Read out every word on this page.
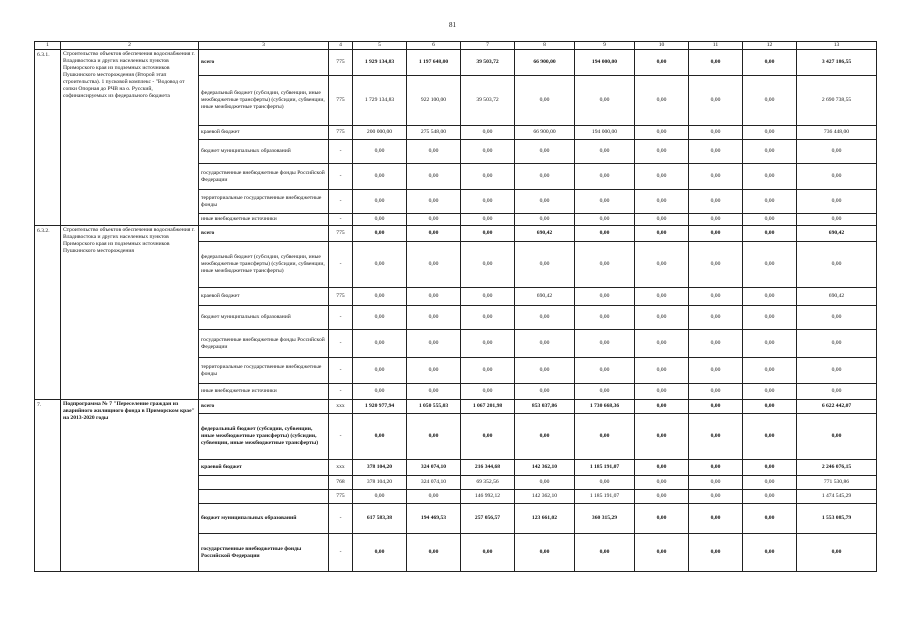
81
1	2	3	4	5	6	7	8	9	10	11	12	13
6.3.1.	Строительство объектов обеспечения водоснабжения г. Владивостока и других населенных пунктов Приморского края из подземных источников Пушкинского месторождения (Второй этап строительства). 1 пусковой комплекс - "Водовод от сопки Опорная до РЧВ на о. Русский, софинансируемых из федерального бюджета	всего	775	1 929 134,83	1 197 648,00	39 503,72	66 900,00	194 000,00	0,00	0,00	0,00	3 427 186,55
		федеральный бюджет (субсидии, субвенции, иные межбюджетные трансферты) (субсидии, субвенции, иные межбюджетные трансферты)	775	1 729 134,83	922 100,00	39 503,72	0,00	0,00	0,00	0,00	0,00	2 690 738,55
		краевой бюджет	775	200 000,00	275 548,00	0,00	66 900,00	194 000,00	0,00	0,00	0,00	736 448,00
		бюджет муниципальных образований	-	0,00	0,00	0,00	0,00	0,00	0,00	0,00	0,00	0,00
		государственные внебюджетные фонды Российской Федерации	-	0,00	0,00	0,00	0,00	0,00	0,00	0,00	0,00	0,00
		территориальные государственные внебюджетные фонды	-	0,00	0,00	0,00	0,00	0,00	0,00	0,00	0,00	0,00
		иные внебюджетные источники	-	0,00	0,00	0,00	0,00	0,00	0,00	0,00	0,00	0,00
6.3.2.	Строительство объектов обеспечения водоснабжения г. Владивостока и других населенных пунктов Приморского края из подземных источников Пушкинского месторождения	всего	775	0,00	0,00	0,00	690,42	0,00	0,00	0,00	0,00	690,42
		федеральный бюджет (субсидии, субвенции, иные межбюджетные трансферты) (субсидии, субвенции, иные межбюджетные трансферты)	-	0,00	0,00	0,00	0,00	0,00	0,00	0,00	0,00	0,00
		краевой бюджет	775	0,00	0,00	0,00	690,42	0,00	0,00	0,00	0,00	690,42
		бюджет муниципальных образований	-	0,00	0,00	0,00	0,00	0,00	0,00	0,00	0,00	0,00
		государственные внебюджетные фонды Российской Федерации	-	0,00	0,00	0,00	0,00	0,00	0,00	0,00	0,00	0,00
		территориальные государственные внебюджетные фонды	-	0,00	0,00	0,00	0,00	0,00	0,00	0,00	0,00	0,00
		иные внебюджетные источники	-	0,00	0,00	0,00	0,00	0,00	0,00	0,00	0,00	0,00
7.	Подпрограмма № 7 "Переселение граждан из аварийного жилищного фонда в Приморском крае" на 2013-2020 годы	всего	ххх	1 920 977,94	1 050 555,03	1 067 201,98	853 037,86	1 730 668,36	0,00	0,00	0,00	6 622 442,07
		федеральный бюджет (субсидии, субвенции, иные межбюджетные трансферты) (субсидии, субвенции, иные межбюджетные трансферты)	-	0,00	0,00	0,00	0,00	0,00	0,00	0,00	0,00	0,00
		краевой бюджет	ххх	378 104,20	324 074,10	216 344,68	142 362,10	1 185 191,07	0,00	0,00	0,00	2 246 076,15
			768	378 104,20	324 074,10	69 352,56	0,00	0,00	0,00	0,00	0,00	771 530,86
			775	0,00	0,00	146 992,12	142 362,10	1 185 191,07	0,00	0,00	0,00	1 474 545,29
		бюджет муниципальных образований	-	617 583,38	194 469,53	257 056,57	123 661,02	360 315,29	0,00	0,00	0,00	1 553 085,79
		государственные внебюджетные фонды Российской Федерации	-	0,00	0,00	0,00	0,00	0,00	0,00	0,00	0,00	0,00
